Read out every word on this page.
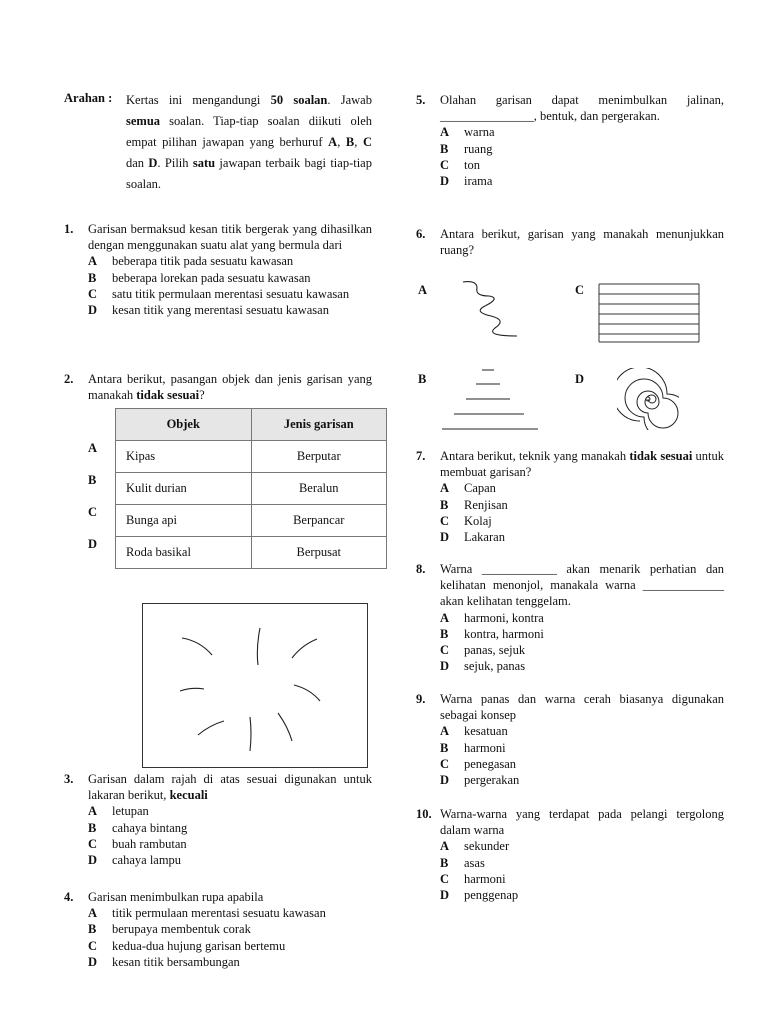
Arahan : Kertas ini mengandungi 50 soalan. Jawab semua soalan. Tiap-tiap soalan diikuti oleh empat pilihan jawapan yang berhuruf A, B, C dan D. Pilih satu jawapan terbaik bagi tiap-tiap soalan.
1. Garisan bermaksud kesan titik bergerak yang dihasilkan dengan menggunakan suatu alat yang bermula dari
A beberapa titik pada sesuatu kawasan
B beberapa lorekan pada sesuatu kawasan
C satu titik permulaan merentasi sesuatu kawasan
D kesan titik yang merentasi sesuatu kawasan
2. Antara berikut, pasangan objek dan jenis garisan yang manakah tidak sesuai?
A
B
C
D
Objek	Jenis garisan
Kipas	Berputar
Kulit durian	Beralun
Bunga api	Berpancar
Roda basikal	Berpusat
3. Garisan dalam rajah di atas sesuai digunakan untuk lakaran berikut, kecuali
A letupan
B cahaya bintang
C buah rambutan
D cahaya lampu
4. Garisan menimbulkan rupa apabila
A titik permulaan merentasi sesuatu kawasan
B berupaya membentuk corak
C kedua-dua hujung garisan bertemu
D kesan titik bersambungan
5. Olahan garisan dapat menimbulkan jalinan, _______________, bentuk, dan pergerakan.
A warna
B ruang
C ton
D irama
6. Antara berikut, garisan yang manakah menunjukkan ruang?
A	C
B	D
7. Antara berikut, teknik yang manakah tidak sesuai untuk membuat garisan?
A Capan
B Renjisan
C Kolaj
D Lakaran
8. Warna ____________ akan menarik perhatian dan kelihatan menonjol, manakala warna _____________ akan kelihatan tenggelam.
A harmoni, kontra
B kontra, harmoni
C panas, sejuk
D sejuk, panas
9. Warna panas dan warna cerah biasanya digunakan sebagai konsep
A kesatuan
B harmoni
C penegasan
D pergerakan
10. Warna-warna yang terdapat pada pelangi tergolong dalam warna
A sekunder
B asas
C harmoni
D penggenap
